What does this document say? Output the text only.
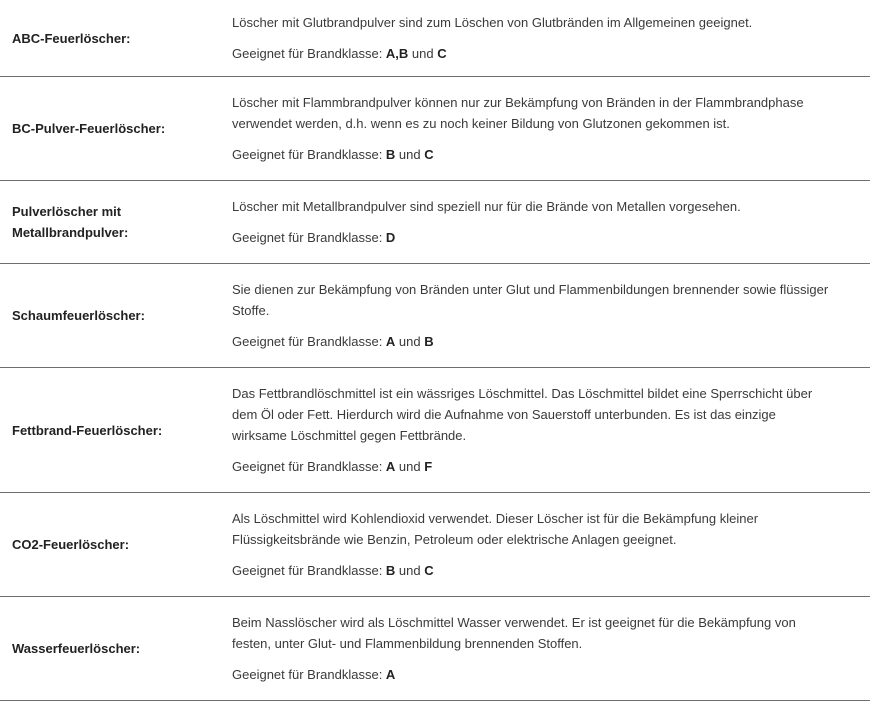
ABC-Feuerlöscher:

Löscher mit Glutbrandpulver sind zum Löschen von Glutbränden im Allgemeinen geeignet.

Geeignet für Brandklasse: A,B und C

BC-Pulver-Feuerlöscher:

Löscher mit Flammbrandpulver können nur zur Bekämpfung von Bränden in der Flammbrandphase verwendet werden, d.h. wenn es zu noch keiner Bildung von Glutzonen gekommen ist.

Geeignet für Brandklasse: B und C

Pulverlöscher mit Metallbrandpulver:

Löscher mit Metallbrandpulver sind speziell nur für die Brände von Metallen vorgesehen.

Geeignet für Brandklasse: D

Schaumfeuerlöscher:

Sie dienen zur Bekämpfung von Bränden unter Glut und Flammenbildungen brennender sowie flüssiger Stoffe.

Geeignet für Brandklasse: A und B

Fettbrand-Feuerlöscher:

Das Fettbrandlöschmittel ist ein wässriges Löschmittel. Das Löschmittel bildet eine Sperrschicht über dem Öl oder Fett. Hierdurch wird die Aufnahme von Sauerstoff unterbunden. Es ist das einzige wirksame Löschmittel gegen Fettbrände.

Geeignet für Brandklasse: A und F

CO2-Feuerlöscher:

Als Löschmittel wird Kohlendioxid verwendet. Dieser Löscher ist für die Bekämpfung kleiner Flüssigkeitsbrände wie Benzin, Petroleum oder elektrische Anlagen geeignet.

Geeignet für Brandklasse: B und C

Wasserfeuerlöscher:

Beim Nasslöscher wird als Löschmittel Wasser verwendet. Er ist geeignet für die Bekämpfung von festen, unter Glut- und Flammenbildung brennenden Stoffen.

Geeignet für Brandklasse: A
